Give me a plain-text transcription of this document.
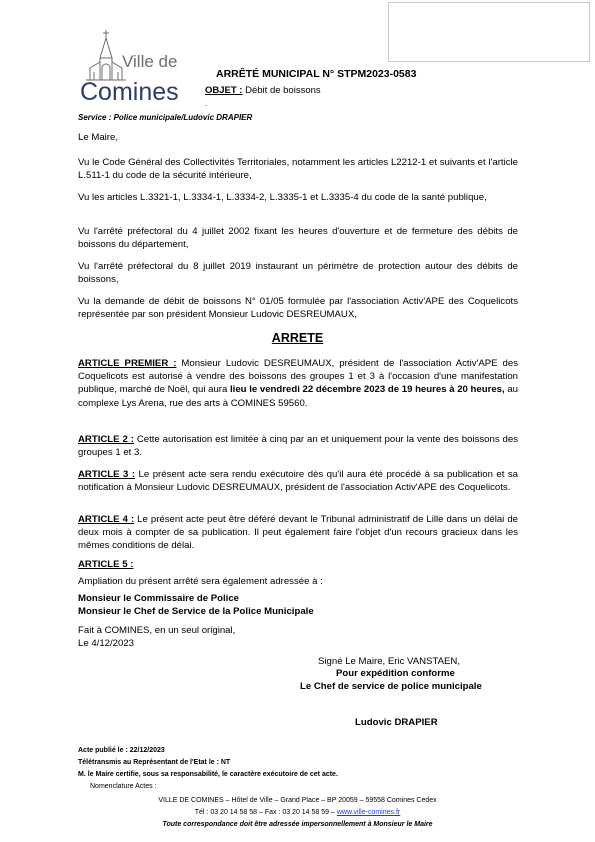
Ville de
Comines
ARRÊTÉ MUNICIPAL N° STPM2023-0583
OBJET : Débit de boissons
.
Service : Police municipale/Ludovic DRAPIER

Le Maire,

Vu le Code Général des Collectivités Territoriales, notamment les articles L2212-1 et suivants et l'article L.511-1 du code de la sécurité intérieure,

Vu les articles L.3321-1, L.3334-1, L.3334-2, L.3335-1 et L.3335-4 du code de la santé publique,

Vu l'arrêté préfectoral du 4 juillet 2002 fixant les heures d'ouverture et de fermeture des débits de boissons du département,

Vu l'arrêté préfectoral du 8 juillet 2019 instaurant un périmètre de protection autour des débits de boissons,

Vu la demande de débit de boissons N° 01/05 formulée par l'association Activ'APE des Coquelicots représentée par son président Monsieur Ludovic DESREUMAUX,

ARRETE

ARTICLE PREMIER : Monsieur Ludovic DESREUMAUX, président de l'association Activ'APE des Coquelicots est autorisé à vendre des boissons des groupes 1 et 3 à l'occasion d'une manifestation publique, marché de Noël, qui aura lieu le vendredi 22 décembre 2023 de 19 heures à 20 heures, au complexe Lys Arena, rue des arts à COMINES 59560.

ARTICLE 2 : Cette autorisation est limitée à cinq par an et uniquement pour la vente des boissons des groupes 1 et 3.

ARTICLE 3 : Le présent acte sera rendu exécutoire dès qu'il aura été procédé à sa publication et sa notification à Monsieur Ludovic DESREUMAUX, président de l'association Activ'APE des Coquelicots.

ARTICLE 4 : Le présent acte peut être déféré devant le Tribunal administratif de Lille dans un délai de deux mois à compter de sa publication. Il peut également faire l'objet d'un recours gracieux dans les mêmes conditions de délai.

ARTICLE 5 :

Ampliation du présent arrêté sera également adressée à :

Monsieur le Commissaire de Police

Monsieur le Chef de Service de la Police Municipale

Fait à COMINES, en un seul original,

Le 4/12/2023

Signé Le Maire, Eric VANSTAEN,
Pour expédition conforme
Le Chef de service de police municipale
Ludovic DRAPIER
Acte publié le : 22/12/2023
Télétransmis au Représentant de l'Etat le : NT
M. le Maire certifie, sous sa responsabilité, le caractère exécutoire de cet acte.
Nomenclature Actes :
VILLE DE COMINES – Hôtel de Ville – Grand Place – BP 20059 – 59558 Comines Cedex
Tél : 03 20 14 58 58 – Fax : 03 20 14 58 59 – www.ville-comines.fr
Toute correspondance doit être adressée impersonnellement à Monsieur le Maire
